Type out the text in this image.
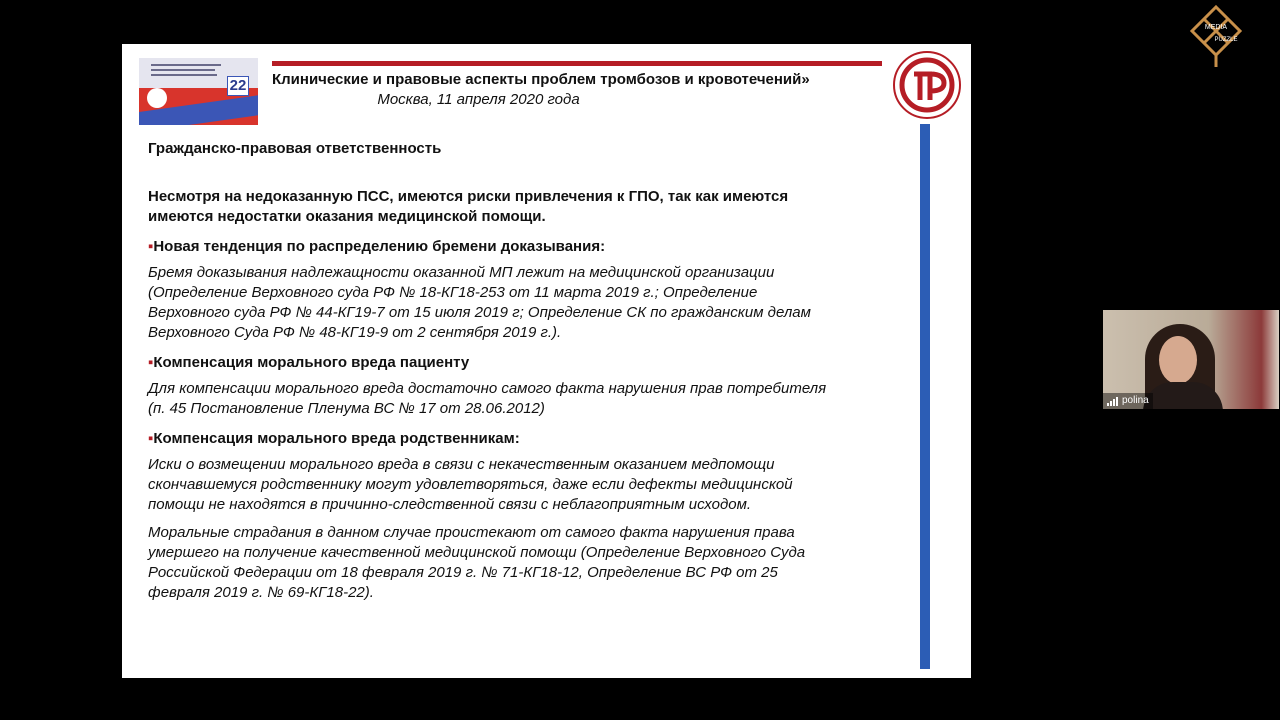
22 Клинические и правовые аспекты проблем тромбозов и кровотечений»
Москва, 11 апреля 2020 года
Гражданско-правовая ответственность
Несмотря на недоказанную ПСС, имеются риски привлечения к ГПО, так как имеются
имеются недостатки оказания медицинской помощи.
▪Новая тенденция по распределению бремени доказывания:
Бремя доказывания надлежащности оказанной МП лежит на медицинской организации
(Определение Верховного суда РФ № 18-КГ18-253 от 11 марта 2019 г.; Определение
Верховного суда РФ № 44-КГ19-7 от 15 июля 2019 г; Определение СК по гражданским делам
Верховного Суда РФ № 48-КГ19-9 от 2 сентября 2019 г.).
▪Компенсация морального вреда пациенту
Для компенсации морального вреда достаточно самого факта нарушения прав потребителя
(п. 45 Постановление Пленума ВС № 17 от 28.06.2012)
▪Компенсация морального вреда родственникам:
Иски о возмещении морального вреда в связи с некачественным оказанием медпомощи
скончавшемуся родственнику могут удовлетворяться, даже если дефекты медицинской
помощи не находятся в причинно-следственной связи с неблагоприятным исходом.
Моральные страдания в данном случае проистекают от самого факта нарушения права
умершего на получение качественной медицинской помощи (Определение Верховного Суда
Российской Федерации от 18 февраля 2019 г. № 71-КГ18-12, Определение ВС РФ от 25
февраля 2019 г. № 69-КГ18-22).
polina
MEDIA
PUZZLE
